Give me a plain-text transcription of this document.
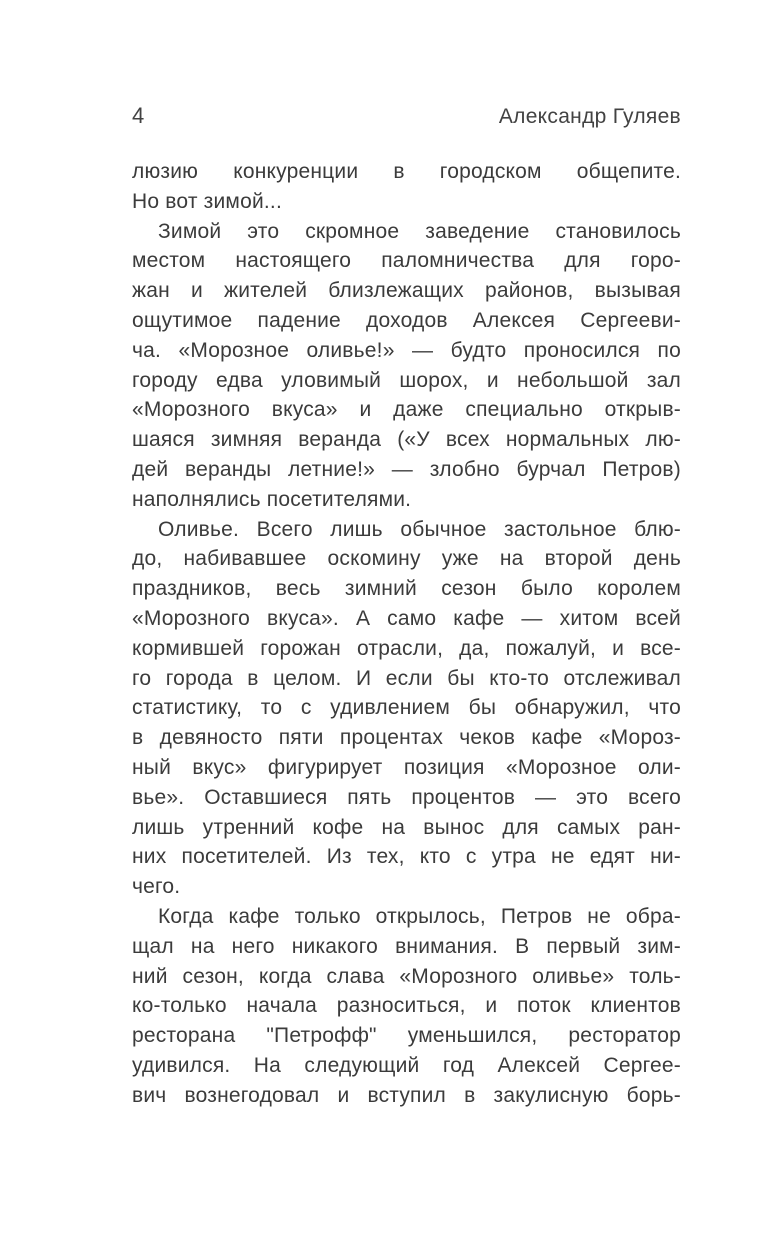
4	Александр Гуляев
люзию конкуренции в городском общепите.
Но вот зимой...
Зимой это скромное заведение становилось
местом настоящего паломничества для горо-
жан и жителей близлежащих районов, вызывая
ощутимое падение доходов Алексея Сергееви-
ча. «Морозное оливье!» — будто проносился по
городу едва уловимый шорох, и небольшой зал
«Морозного вкуса» и даже специально открыв-
шаяся зимняя веранда («У всех нормальных лю-
дей веранды летние!» — злобно бурчал Петров)
наполнялись посетителями.
Оливье. Всего лишь обычное застольное блю-
до, набивавшее оскомину уже на второй день
праздников, весь зимний сезон было королем
«Морозного вкуса». А само кафе — хитом всей
кормившей горожан отрасли, да, пожалуй, и все-
го города в целом. И если бы кто-то отслеживал
статистику, то с удивлением бы обнаружил, что
в девяносто пяти процентах чеков кафе «Мороз-
ный вкус» фигурирует позиция «Морозное оли-
вье». Оставшиеся пять процентов — это всего
лишь утренний кофе на вынос для самых ран-
них посетителей. Из тех, кто с утра не едят ни-
чего.
Когда кафе только открылось, Петров не обра-
щал на него никакого внимания. В первый зим-
ний сезон, когда слава «Морозного оливье» толь-
ко-только начала разноситься, и поток клиентов
ресторана "Петрофф" уменьшился, ресторатор
удивился. На следующий год Алексей Сергее-
вич вознегодовал и вступил в закулисную борь-
